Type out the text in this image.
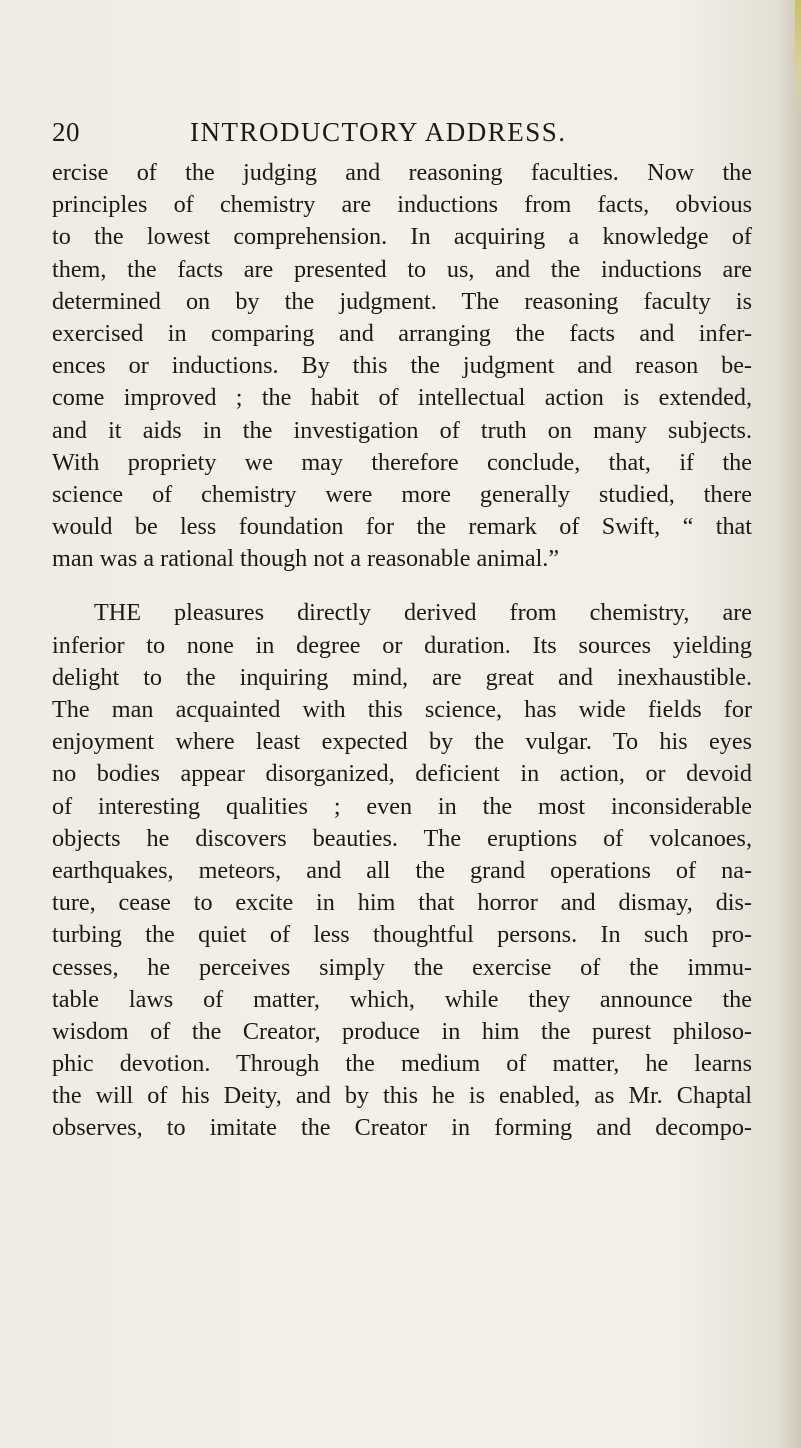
20	INTRODUCTORY ADDRESS.
ercise of the judging and reasoning faculties. Now the
principles of chemistry are inductions from facts, obvious
to the lowest comprehension. In acquiring a knowledge of
them, the facts are presented to us, and the inductions are
determined on by the judgment. The reasoning faculty is
exercised in comparing and arranging the facts and infer-
ences or inductions. By this the judgment and reason be-
come improved ; the habit of intellectual action is extended,
and it aids in the investigation of truth on many subjects.
With propriety we may therefore conclude, that, if the
science of chemistry were more generally studied, there
would be less foundation for the remark of Swift, “ that
man was a rational though not a reasonable animal.”
THE pleasures directly derived from chemistry, are
inferior to none in degree or duration. Its sources yielding
delight to the inquiring mind, are great and inexhaustible.
The man acquainted with this science, has wide fields for
enjoyment where least expected by the vulgar. To his eyes
no bodies appear disorganized, deficient in action, or devoid
of interesting qualities ; even in the most inconsiderable
objects he discovers beauties. The eruptions of volcanoes,
earthquakes, meteors, and all the grand operations of na-
ture, cease to excite in him that horror and dismay, dis-
turbing the quiet of less thoughtful persons. In such pro-
cesses, he perceives simply the exercise of the immu-
table laws of matter, which, while they announce the
wisdom of the Creator, produce in him the purest philoso-
phic devotion. Through the medium of matter, he learns
the will of his Deity, and by this he is enabled, as Mr. Chaptal
observes, to imitate the Creator in forming and decompo-
